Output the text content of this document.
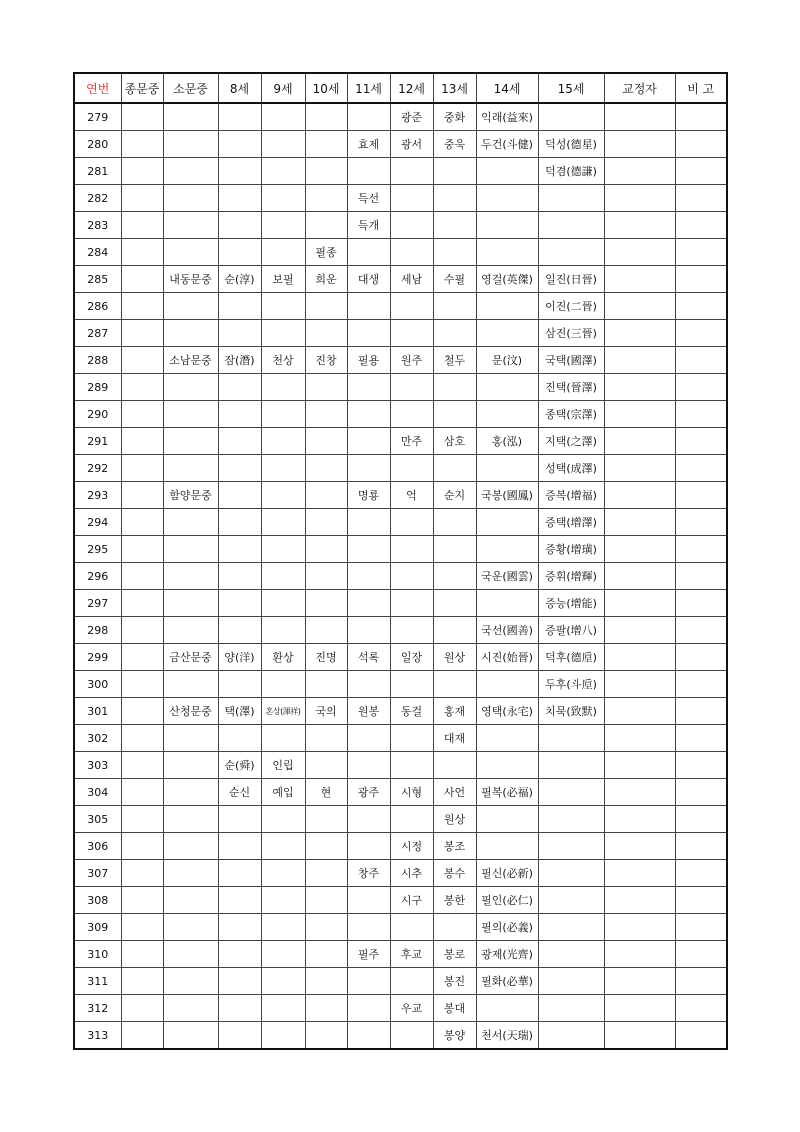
연번	종문중	소문중	8세	9세	10세	11세	12세	13세	14세	15세	교정자	비 고
279							광준	중화	익래(益來)			
280						효제	광서	중욱	두건(斗健)	덕성(德星)		
281										덕겸(德謙)		
282						득선						
283						득개						
284					필종							
285		내동문중	순(淳)	보필	희운	대생	세남	수필	영걸(英傑)	일진(日晉)		
286										이진(二晉)		
287										삼진(三晉)		
288		소남문중	잠(潛)	천상	진창	필용	원주	철두	문(汶)	국택(國澤)		
289										진택(晉澤)		
290										종택(宗澤)		
291							만주	삼호	홍(泓)	지택(之澤)		
292										성택(成澤)		
293		함양문중				명룡	억	순지	국봉(國鳳)	증복(增福)		
294										증택(增澤)		
295										증황(增璜)		
296									국운(國雲)	증휘(增輝)		
297										증능(增能)		
298									국선(國善)	증팔(增八)		
299		금산문중	양(洋)	환상	진명	석록	일장	원상	시진(始晉)	덕후(德垕)		
300										두후(斗垕)		
301		산청문중	택(澤)	혼상(渾祥)	국의	원봉	동걸	홍재	영택(永宅)	치묵(致默)		
302								대재				
303			순(舜)	인립								
304			순신	예입	현	광주	시형	사언	필복(必福)			
305								원상				
306							시정	봉조				
307						창주	시추	봉수	필신(必新)			
308							시구	봉한	필인(必仁)			
309									필의(必義)			
310						필주	후교	봉로	광제(光齊)			
311								봉진	필화(必華)			
312							우교	봉대				
313								봉양	천서(天瑞)			
